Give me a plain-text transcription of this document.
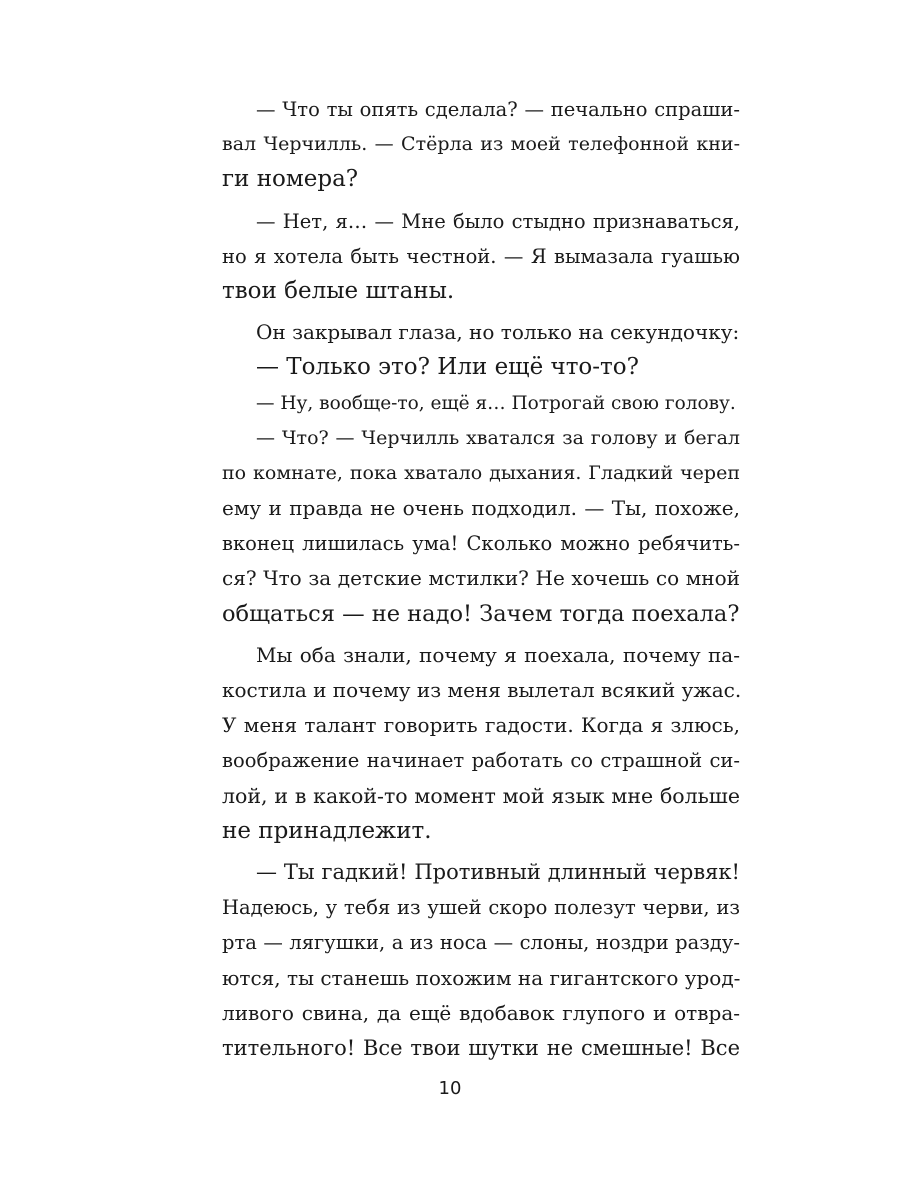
— Что ты опять сделала? — печально спраши-
вал Черчилль. — Стёрла из моей телефонной кни-
ги номера?
— Нет, я… — Мне было стыдно признаваться,
но я хотела быть честной. — Я вымазала гуашью
твои белые штаны.
Он закрывал глаза, но только на секундочку:
— Только это? Или ещё что-то?
— Ну, вообще-то, ещё я… Потрогай свою голову.
— Что? — Черчилль хватался за голову и бегал
по комнате, пока хватало дыхания. Гладкий череп
ему и правда не очень подходил. — Ты, похоже,
вконец лишилась ума! Сколько можно ребячить-
ся? Что за детские мстилки? Не хочешь со мной
общаться — не надо! Зачем тогда поехала?
Мы оба знали, почему я поехала, почему па-
костила и почему из меня вылетал всякий ужас.
У меня талант говорить гадости. Когда я злюсь,
воображение начинает работать со страшной си-
лой, и в какой-то момент мой язык мне больше
не принадлежит.
— Ты гадкий! Противный длинный червяк!
Надеюсь, у тебя из ушей скоро полезут черви, из
рта — лягушки, а из носа — слоны, ноздри разду-
ются, ты станешь похожим на гигантского урод-
ливого свина, да ещё вдобавок глупого и отвра-
тительного! Все твои шутки не смешные! Все
10
